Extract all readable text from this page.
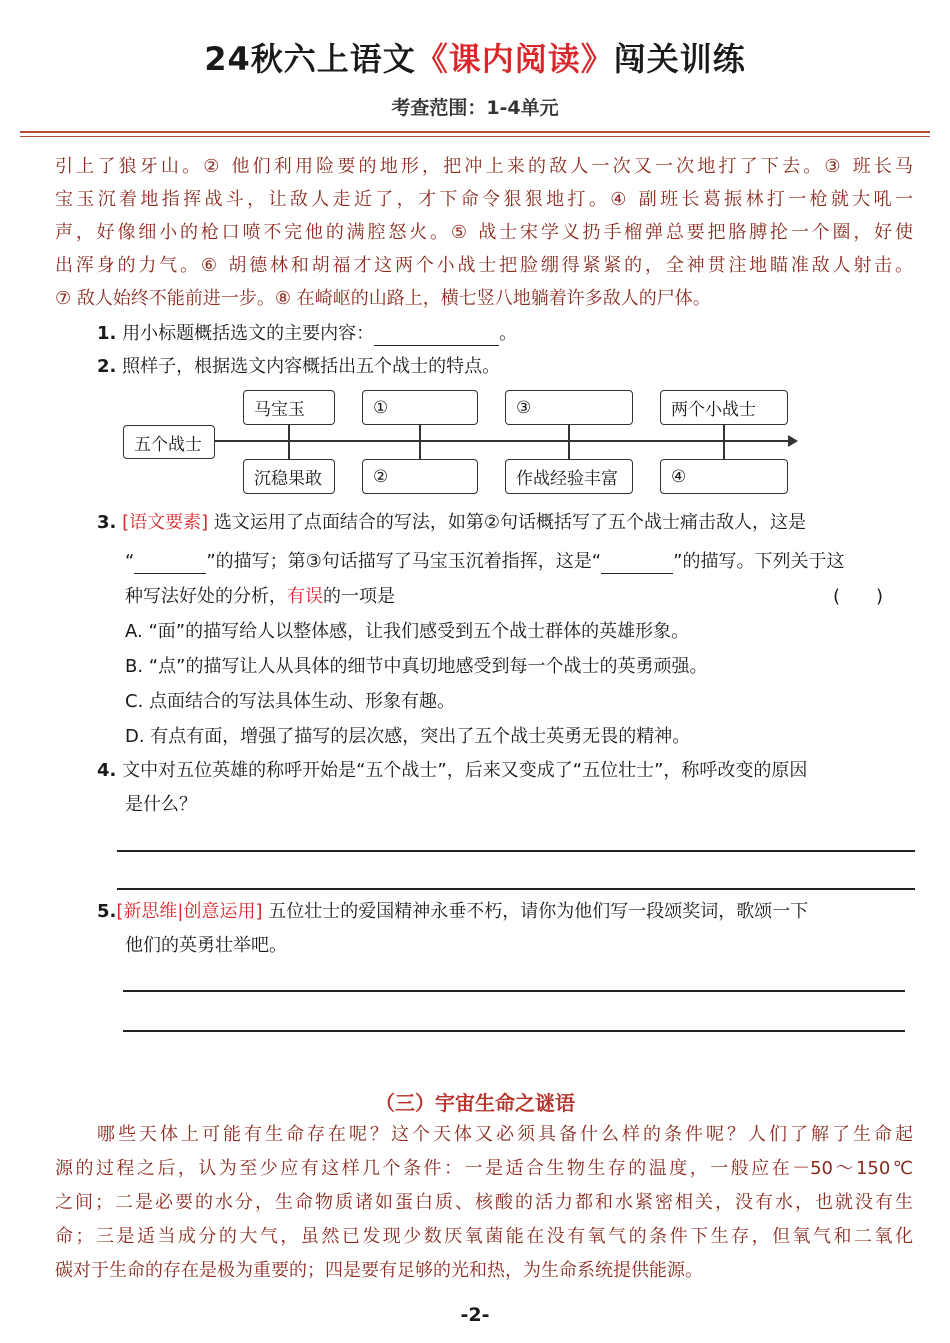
24秋六上语文《课内阅读》闯关训练
考查范围：1-4单元
引上了狼牙山。② 他们利用险要的地形，把冲上来的敌人一次又一次地打了下去。③ 班长马
宝玉沉着地指挥战斗，让敌人走近了，才下命令狠狠地打。④ 副班长葛振林打一枪就大吼一
声，好像细小的枪口喷不完他的满腔怒火。⑤ 战士宋学义扔手榴弹总要把胳膊抡一个圈，好使
出浑身的力气。⑥ 胡德林和胡福才这两个小战士把脸绷得紧紧的，全神贯注地瞄准敌人射击。
⑦ 敌人始终不能前进一步。⑧ 在崎岖的山路上，横七竖八地躺着许多敌人的尸体。
1. 用小标题概括选文的主要内容：	。
2. 照样子，根据选文内容概括出五个战士的特点。
五个战士
马宝玉	①	③	两个小战士
沉稳果敢	②	作战经验丰富	④
3. [语文要素] 选文运用了点面结合的写法，如第②句话概括写了五个战士痛击敌人，这是
“	”的描写；第③句话描写了马宝玉沉着指挥，这是“	”的描写。下列关于这
种写法好处的分析，有误的一项是	(　　)
A. “面”的描写给人以整体感，让我们感受到五个战士群体的英雄形象。
B. “点”的描写让人从具体的细节中真切地感受到每一个战士的英勇顽强。
C. 点面结合的写法具体生动、形象有趣。
D. 有点有面，增强了描写的层次感，突出了五个战士英勇无畏的精神。
4. 文中对五位英雄的称呼开始是“五个战士”，后来又变成了“五位壮士”，称呼改变的原因
是什么？
5.[新思维|创意运用] 五位壮士的爱国精神永垂不朽，请你为他们写一段颂奖词，歌颂一下
他们的英勇壮举吧。
（三）宇宙生命之谜语
　　哪些天体上可能有生命存在呢？这个天体又必须具备什么样的条件呢？人们了解了生命起
源的过程之后，认为至少应有这样几个条件：一是适合生物生存的温度，一般应在－50～150℃
之间；二是必要的水分，生命物质诸如蛋白质、核酸的活力都和水紧密相关，没有水，也就没有生
命；三是适当成分的大气，虽然已发现少数厌氧菌能在没有氧气的条件下生存，但氧气和二氧化
碳对于生命的存在是极为重要的；四是要有足够的光和热，为生命系统提供能源。
-2-
